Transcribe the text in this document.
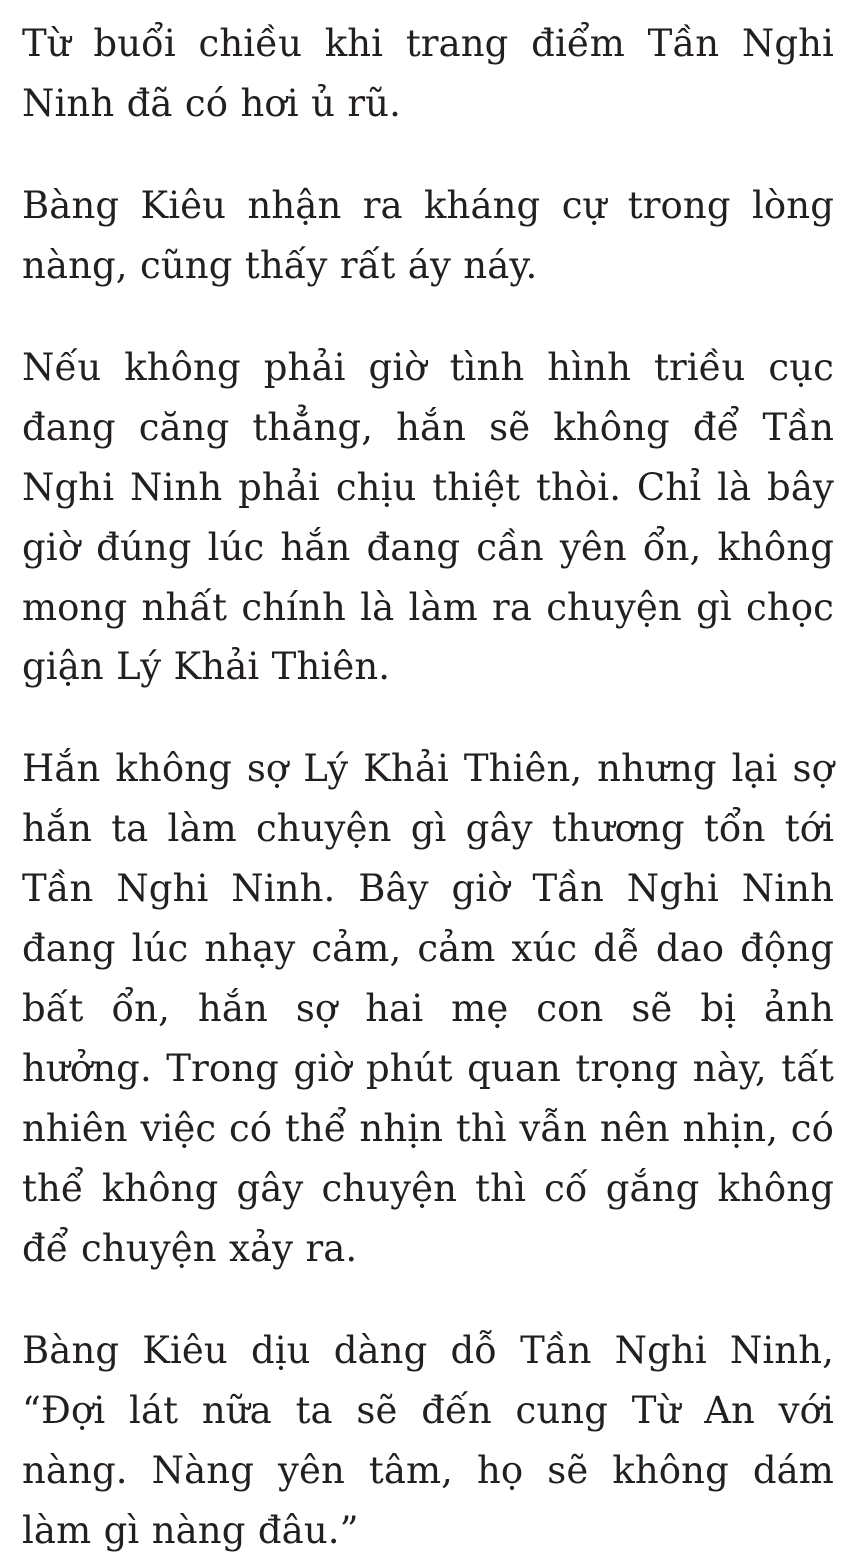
Từ buổi chiều khi trang điểm Tần Nghi Ninh đã có hơi ủ rũ.

Bàng Kiêu nhận ra kháng cự trong lòng nàng, cũng thấy rất áy náy.

Nếu không phải giờ tình hình triều cục đang căng thẳng, hắn sẽ không để Tần Nghi Ninh phải chịu thiệt thòi. Chỉ là bây giờ đúng lúc hắn đang cần yên ổn, không mong nhất chính là làm ra chuyện gì chọc giận Lý Khải Thiên.

Hắn không sợ Lý Khải Thiên, nhưng lại sợ hắn ta làm chuyện gì gây thương tổn tới Tần Nghi Ninh. Bây giờ Tần Nghi Ninh đang lúc nhạy cảm, cảm xúc dễ dao động bất ổn, hắn sợ hai mẹ con sẽ bị ảnh hưởng. Trong giờ phút quan trọng này, tất nhiên việc có thể nhịn thì vẫn nên nhịn, có thể không gây chuyện thì cố gắng không để chuyện xảy ra.

Bàng Kiêu dịu dàng dỗ Tần Nghi Ninh, “Đợi lát nữa ta sẽ đến cung Từ An với nàng. Nàng yên tâm, họ sẽ không dám làm gì nàng đâu.”
